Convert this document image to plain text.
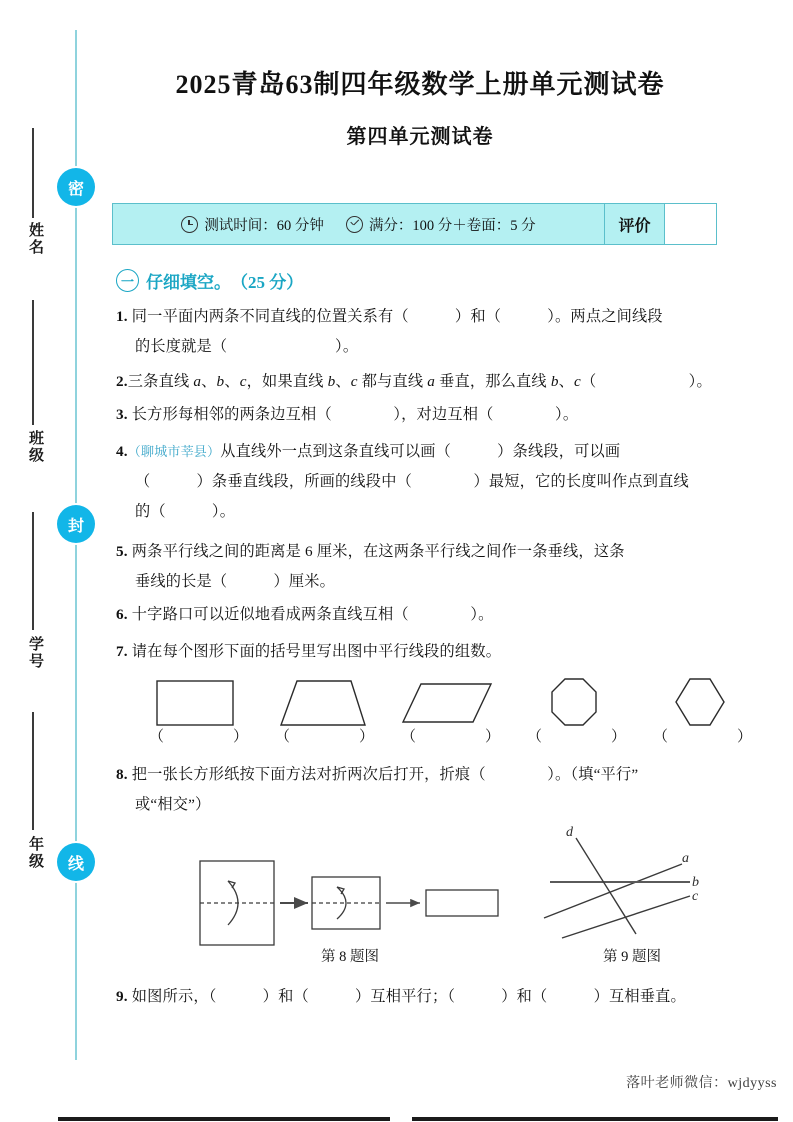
密
封
线
姓名
班级
学号
年级
2025青岛63制四年级数学上册单元测试卷
第四单元测试卷
测试时间：60 分钟	满分：100 分＋卷面：5 分	评价
一 仔细填空。 （25 分）
1. 同一平面内两条不同直线的位置关系有（　　　）和（　　　）。两点之间线段
的长度就是（　　　　　　　）。
2.三条直线 a、b、c，如果直线 b、c 都与直线 a 垂直，那么直线 b、c（　　　　　　）。
3. 长方形每相邻的两条边互相（　　　　），对边互相（　　　　）。
4.（聊城市莘县）从直线外一点到这条直线可以画（　　　）条线段，可以画
（　　　）条垂直线段，所画的线段中（　　　　）最短，它的长度叫作点到直线
的（　　　）。
5. 两条平行线之间的距离是 6 厘米，在这两条平行线之间作一条垂线，这条
垂线的长是（　　　）厘米。
6. 十字路口可以近似地看成两条直线互相（　　　　）。
7. 请在每个图形下面的括号里写出图中平行线段的组数。
（　　） （　　） （　　） （　　） （　　）
8. 把一张长方形纸按下面方法对折两次后打开，折痕（　　　　）。（填“平行”
或“相交”）
第 8 题图
a
b
c
d
第 9 题图
9. 如图所示，（　　　）和（　　　）互相平行；（　　　）和（　　　）互相垂直。
落叶老师微信：wjdyyss
